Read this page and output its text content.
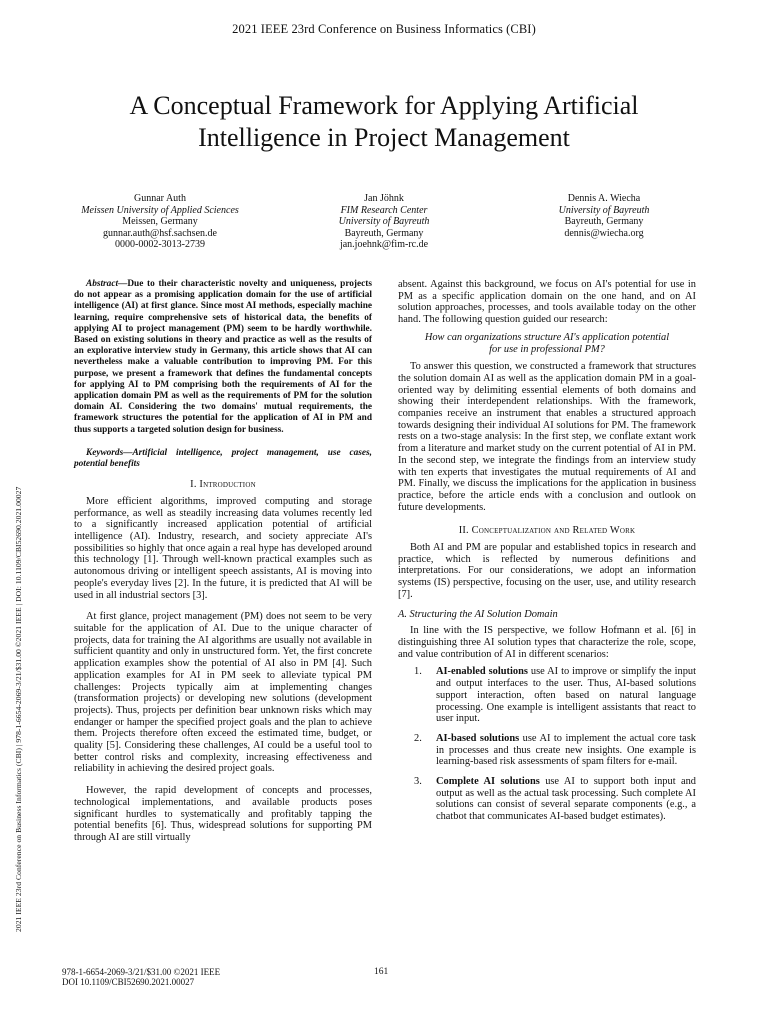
2021 IEEE 23rd Conference on Business Informatics (CBI)
2021 IEEE 23rd Conference on Business Informatics (CBI) | 978-1-6654-2069-3/21/$31.00 ©2021 IEEE | DOI: 10.1109/CBI52690.2021.00027
A Conceptual Framework for Applying Artificial
Intelligence in Project Management
Gunnar Auth
Meissen University of Applied Sciences
Meissen, Germany
gunnar.auth@hsf.sachsen.de
0000-0002-3013-2739
Jan Jöhnk
FIM Research Center
University of Bayreuth
Bayreuth, Germany
jan.joehnk@fim-rc.de
Dennis A. Wiecha
University of Bayreuth
Bayreuth, Germany
dennis@wiecha.org

Abstract—Due to their characteristic novelty and uniqueness, projects do not appear as a promising application domain for the use of artificial intelligence (AI) at first glance. Since most AI methods, especially machine learning, require comprehensive sets of historical data, the benefits of applying AI to project management (PM) seem to be hardly worthwhile. Based on existing solutions in theory and practice as well as the results of an explorative interview study in Germany, this article shows that AI can nevertheless make a valuable contribution to improving PM. For this purpose, we present a framework that defines the fundamental concepts for applying AI to PM comprising both the requirements of AI for the application domain PM as well as the requirements of PM for the solution domain AI. Considering the two domains' mutual requirements, the framework structures the potential for the application of AI in PM and thus supports a targeted solution design for business.

Keywords—Artificial intelligence, project management, use cases, potential benefits

I. Introduction

More efficient algorithms, improved computing and storage performance, as well as steadily increasing data volumes recently led to a significantly increased application potential of artificial intelligence (AI). Industry, research, and society appreciate AI's possibilities so highly that once again a real hype has developed around this technology [1]. Through well-known practical examples such as autonomous driving or intelligent speech assistants, AI is moving into people's everyday lives [2]. In the future, it is predicted that AI will be used in all industrial sectors [3].

At first glance, project management (PM) does not seem to be very suitable for the application of AI. Due to the unique character of projects, data for training the AI algorithms are usually not available in sufficient quantity and only in unstructured form. Yet, the first concrete application examples show the potential of AI also in PM [4]. Such application examples for AI in PM seek to alleviate typical PM challenges: Projects typically aim at implementing changes (transformation projects) or developing new solutions (development projects). Thus, projects per definition bear unknown risks which may endanger or hamper the specified project goals and the plan to achieve them. Projects therefore often exceed the estimated time, budget, or quality [5]. Considering these challenges, AI could be a useful tool to better control risks and complexity, increasing effectiveness and reliability in achieving the desired project goals.

However, the rapid development of concepts and processes, technological implementations, and available products poses significant hurdles to systematically and profitably tapping the potential benefits [6]. Thus, widespread solutions for supporting PM through AI are still virtually

absent. Against this background, we focus on AI's potential for use in PM as a specific application domain on the one hand, and on AI solution approaches, processes, and tools available today on the other hand. The following question guided our research:

How can organizations structure AI's application potential for use in professional PM?

To answer this question, we constructed a framework that structures the solution domain AI as well as the application domain PM in a goal-oriented way by delimiting essential elements of both domains and showing their interdependent relationships. With the framework, companies receive an instrument that enables a structured approach towards designing their individual AI solutions for PM. The framework rests on a two-stage analysis: In the first step, we conflate extant work from a literature and market study on the current potential of AI in PM. In the second step, we integrate the findings from an interview study with ten experts that investigates the mutual requirements of AI and PM. Finally, we discuss the implications for the application in business practice, before the article ends with a conclusion and outlook on future developments.

II. Conceptualization and Related Work

Both AI and PM are popular and established topics in research and practice, which is reflected by numerous definitions and interpretations. For our considerations, we adopt an information systems (IS) perspective, focusing on the user, use, and utility research [7].

A. Structuring the AI Solution Domain

In line with the IS perspective, we follow Hofmann et al. [6] in distinguishing three AI solution types that characterize the role, scope, and value contribution of AI in different scenarios:

1. AI-enabled solutions use AI to improve or simplify the input and output interfaces to the user. Thus, AI-based solutions support interaction, often based on natural language processing. One example is intelligent assistants that react to user input.
2. AI-based solutions use AI to implement the actual core task in processes and thus create new insights. One example is learning-based risk assessments of spam filters for e-mail.
3. Complete AI solutions use AI to support both input and output as well as the actual task processing. Such complete AI solutions can consist of several separate components (e.g., a chatbot that communicates AI-based budget estimates).
978-1-6654-2069-3/21/$31.00 ©2021 IEEE
DOI 10.1109/CBI52690.2021.00027
161
